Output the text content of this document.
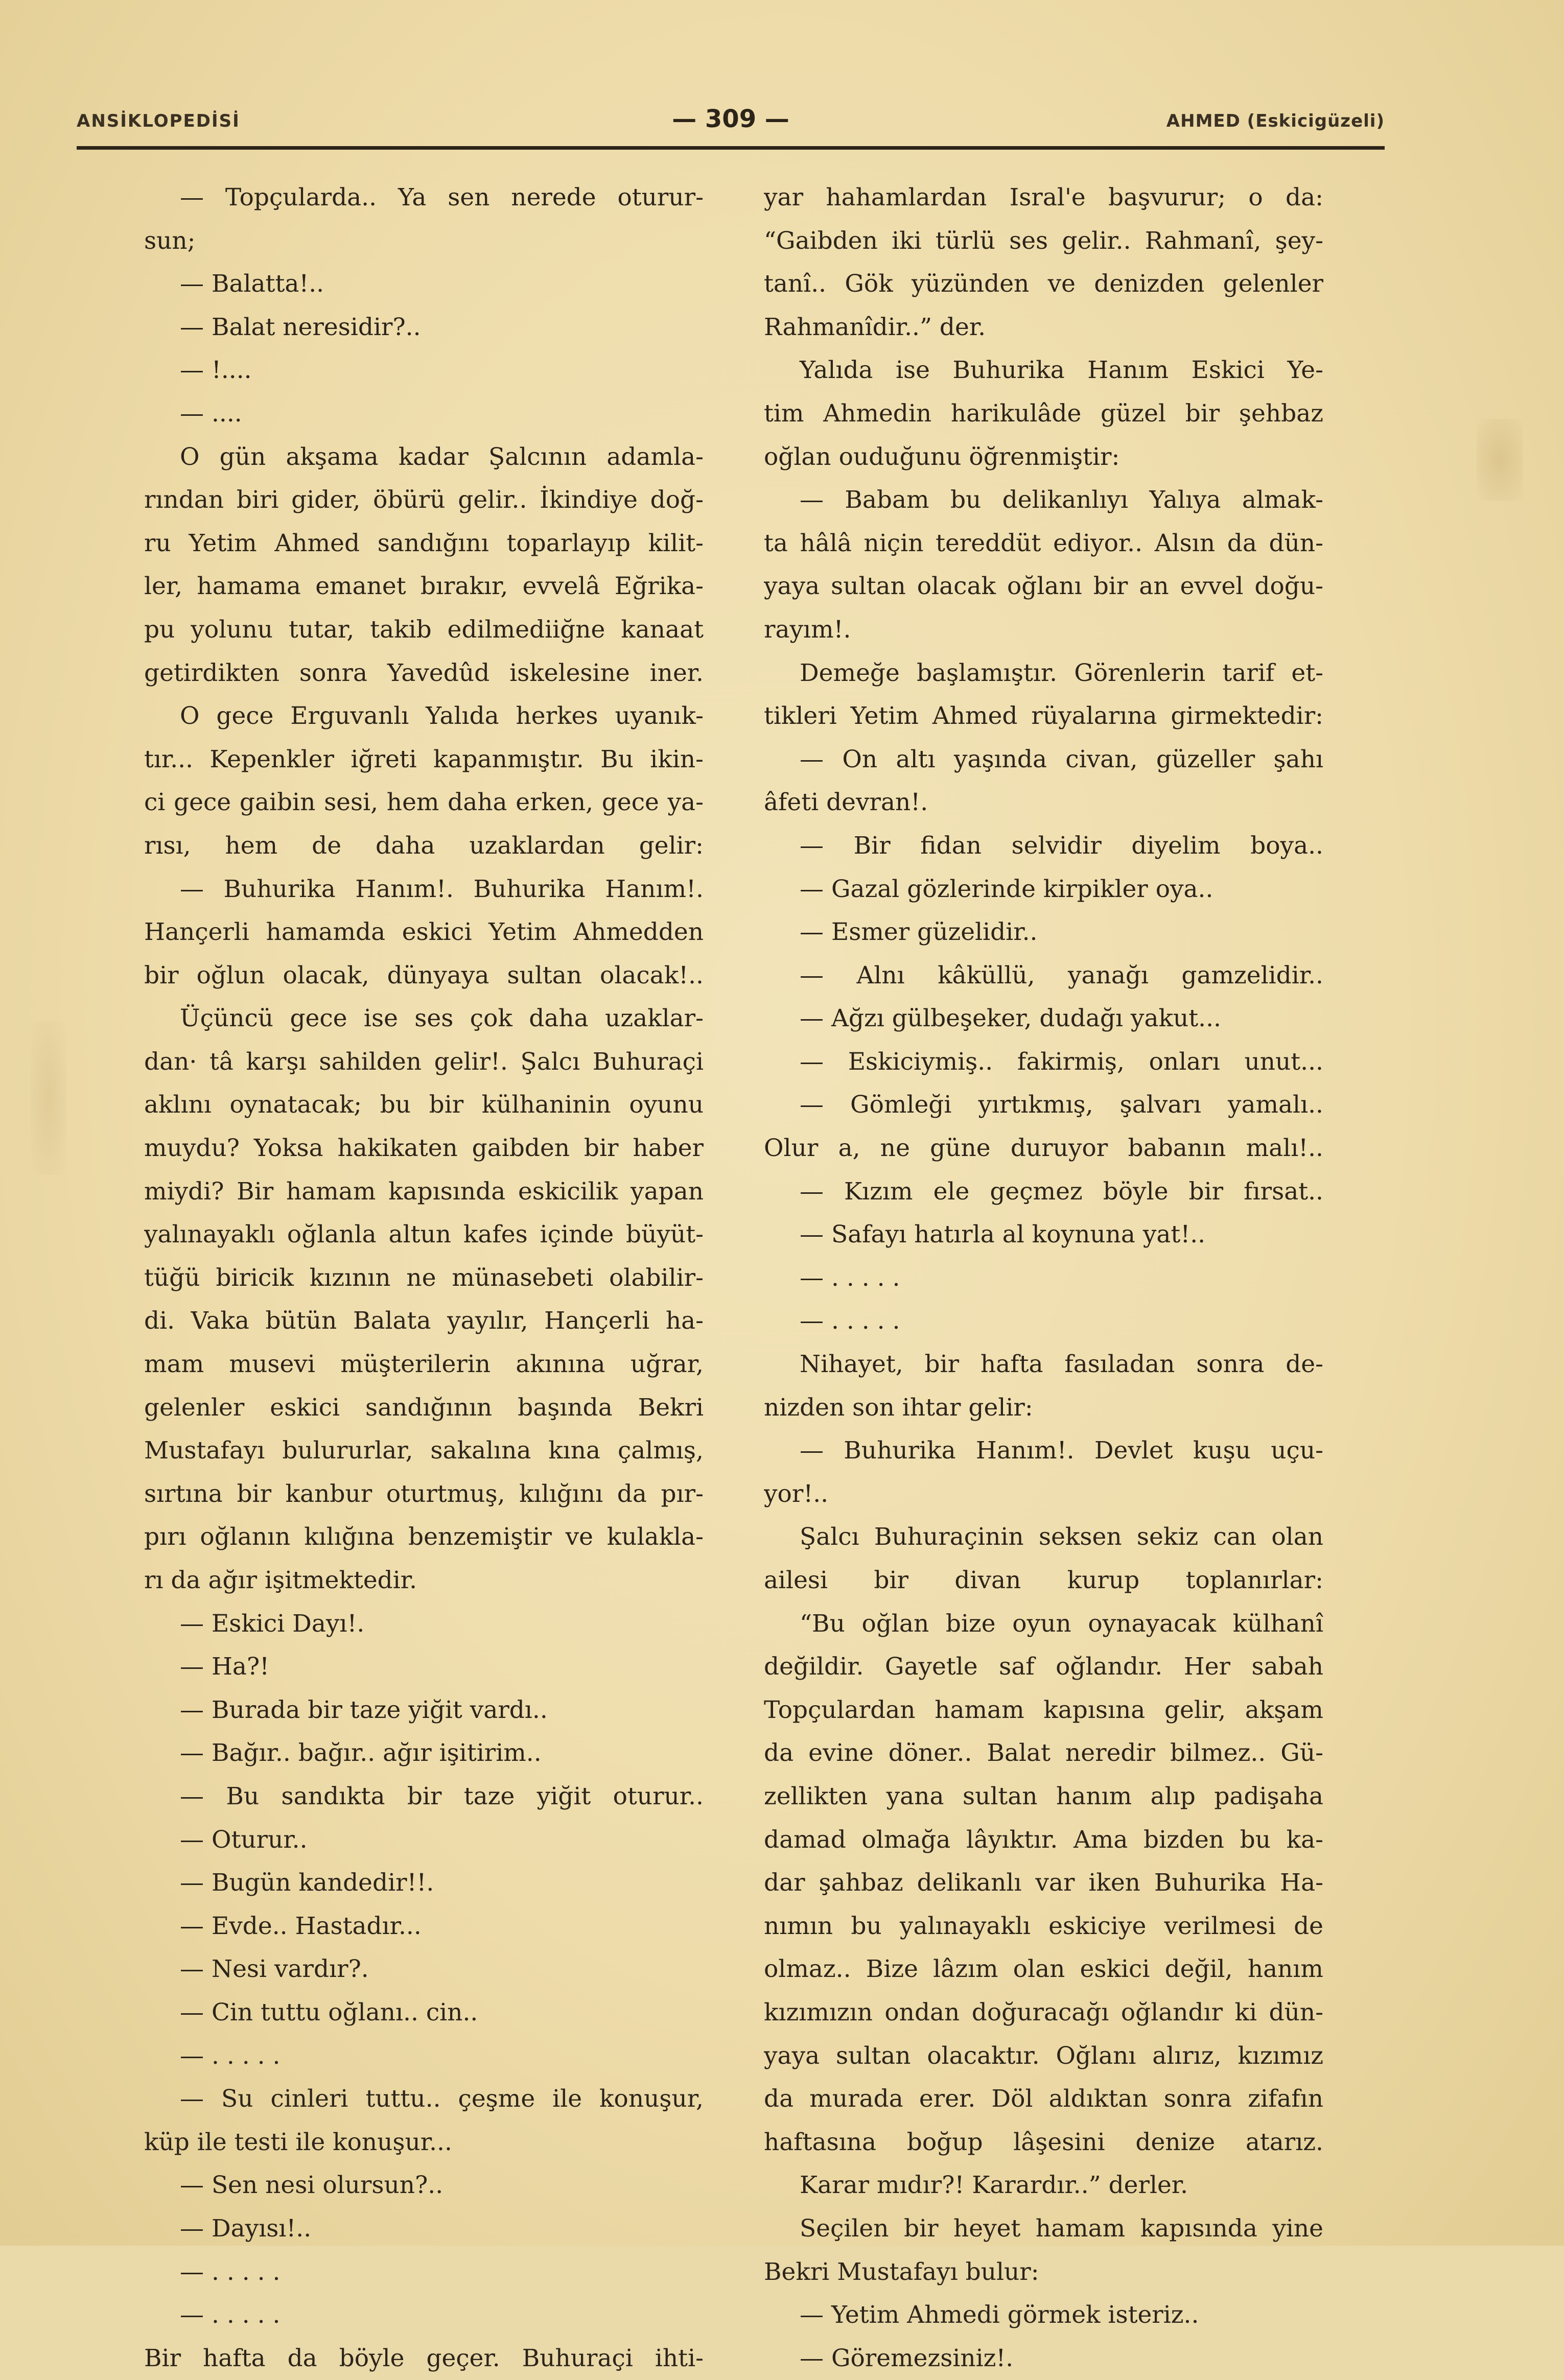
ANSİKLOPEDİSİ	— 309 —	AHMED (Eskicigüzeli)

— Topçularda.. Ya sen nerede oturur-

sun;

— Balatta!..

— Balat neresidir?..

— !....

— ....

O gün akşama kadar Şalcının adamla-

rından biri gider, öbürü gelir.. İkindiye doğ-

ru Yetim Ahmed sandığını toparlayıp kilit-

ler, hamama emanet bırakır, evvelâ Eğrika-

pu yolunu tutar, takib edilmediiğne kanaat

getirdikten sonra Yavedûd iskelesine iner.

O gece Erguvanlı Yalıda herkes uyanık-

tır... Kepenkler iğreti kapanmıştır. Bu ikin-

ci gece gaibin sesi, hem daha erken, gece ya-

rısı, hem de daha uzaklardan gelir:

— Buhurika Hanım!. Buhurika Hanım!.

Hançerli hamamda eskici Yetim Ahmedden

bir oğlun olacak, dünyaya sultan olacak!..

Üçüncü gece ise ses çok daha uzaklar-

dan· tâ karşı sahilden gelir!. Şalcı Buhuraçi

aklını oynatacak; bu bir külhaninin oyunu

muydu? Yoksa hakikaten gaibden bir haber

miydi? Bir hamam kapısında eskicilik yapan

yalınayaklı oğlanla altun kafes içinde büyüt-

tüğü biricik kızının ne münasebeti olabilir-

di. Vaka bütün Balata yayılır, Hançerli ha-

mam musevi müşterilerin akınına uğrar,

gelenler eskici sandığının başında Bekri

Mustafayı bulururlar, sakalına kına çalmış,

sırtına bir kanbur oturtmuş, kılığını da pır-

pırı oğlanın kılığına benzemiştir ve kulakla-

rı da ağır işitmektedir.

— Eskici Dayı!.

— Ha?!

— Burada bir taze yiğit vardı..

— Bağır.. bağır.. ağır işitirim..

— Bu sandıkta bir taze yiğit oturur..

— Oturur..

— Bugün kandedir!!.

— Evde.. Hastadır...

— Nesi vardır?.

— Cin tuttu oğlanı.. cin..

— . . . . .

— Su cinleri tuttu.. çeşme ile konuşur,

küp ile testi ile konuşur...

— Sen nesi olursun?..

— Dayısı!..

— . . . . .

— . . . . .

Bir hafta da böyle geçer. Buhuraçi ihti-

yar hahamlardan Isral'e başvurur; o da:

“Gaibden iki türlü ses gelir.. Rahmanî, şey-

tanî.. Gök yüzünden ve denizden gelenler

Rahmanîdir..” der.

Yalıda ise Buhurika Hanım Eskici Ye-

tim Ahmedin harikulâde güzel bir şehbaz

oğlan ouduğunu öğrenmiştir:

— Babam bu delikanlıyı Yalıya almak-

ta hâlâ niçin tereddüt ediyor.. Alsın da dün-

yaya sultan olacak oğlanı bir an evvel doğu-

rayım!.

Demeğe başlamıştır. Görenlerin tarif et-

tikleri Yetim Ahmed rüyalarına girmektedir:

— On altı yaşında civan, güzeller şahı

âfeti devran!.

— Bir fidan selvidir diyelim boya..

— Gazal gözlerinde kirpikler oya..

— Esmer güzelidir..

— Alnı kâküllü, yanağı gamzelidir..

— Ağzı gülbeşeker, dudağı yakut...

— Eskiciymiş.. fakirmiş, onları unut...

— Gömleği yırtıkmış, şalvarı yamalı..

Olur a, ne güne duruyor babanın malı!..

— Kızım ele geçmez böyle bir fırsat..

— Safayı hatırla al koynuna yat!..

— . . . . .

— . . . . .

Nihayet, bir hafta fasıladan sonra de-

nizden son ihtar gelir:

— Buhurika Hanım!. Devlet kuşu uçu-

yor!..

Şalcı Buhuraçinin seksen sekiz can olan

ailesi bir divan kurup toplanırlar:

“Bu oğlan bize oyun oynayacak külhanî

değildir. Gayetle saf oğlandır. Her sabah

Topçulardan hamam kapısına gelir, akşam

da evine döner.. Balat neredir bilmez.. Gü-

zellikten yana sultan hanım alıp padişaha

damad olmağa lâyıktır. Ama bizden bu ka-

dar şahbaz delikanlı var iken Buhurika Ha-

nımın bu yalınayaklı eskiciye verilmesi de

olmaz.. Bize lâzım olan eskici değil, hanım

kızımızın ondan doğuracağı oğlandır ki dün-

yaya sultan olacaktır. Oğlanı alırız, kızımız

da murada erer. Döl aldıktan sonra zifafın

haftasına boğup lâşesini denize atarız.

Karar mıdır?! Karardır..” derler.

Seçilen bir heyet hamam kapısında yine

Bekri Mustafayı bulur:

— Yetim Ahmedi görmek isteriz..

— Göremezsiniz!.
